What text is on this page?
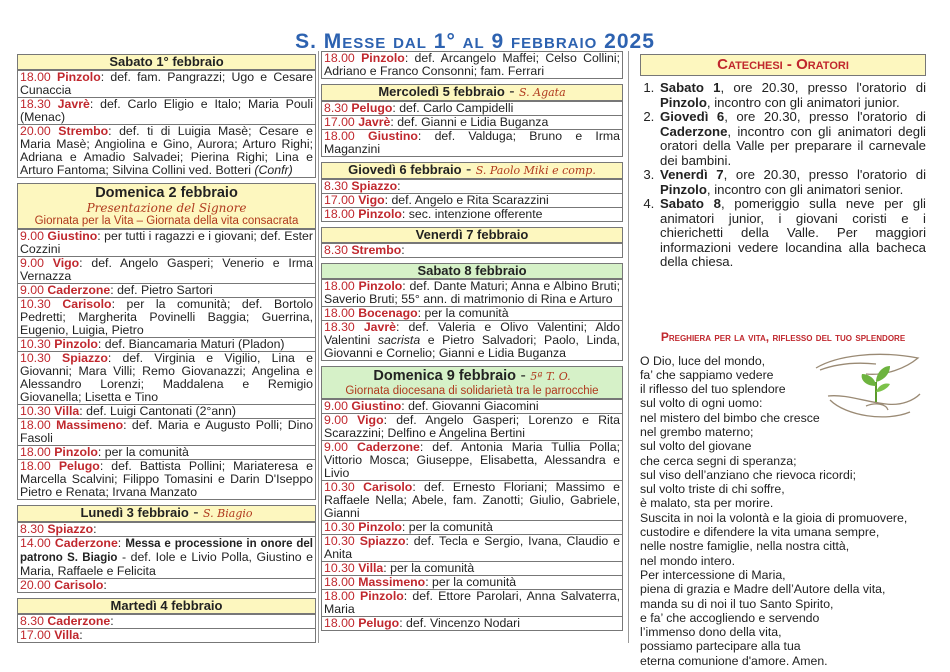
S. Messe dal 1° al 9 febbraio 2025
Sabato 1° febbraio
18.00 Pinzolo: def. fam. Pangrazzi; Ugo e Cesare Cunaccia
18.30 Javrè: def. Carlo Eligio e Italo; Maria Pouli (Menac)
20.00 Strembo: def. ti di Luigia Masè; Cesare e Maria Masè; Angiolina e Gino, Aurora; Arturo Righi; Adriana e Amadio Salvadei; Pierina Righi; Lina e Arturo Fantoma; Silvina Collini ved. Botteri (Confr)
Domenica 2 febbraio
Presentazione del Signore
Giornata per la Vita – Giornata della vita consacrata
9.00 Giustino: per tutti i ragazzi e i giovani; def. Ester Cozzini
9.00 Vigo: def. Angelo Gasperi; Venerio e Irma Vernazza
9.00 Caderzone: def. Pietro Sartori
10.30 Carisolo: per la comunità; def. Bortolo Pedretti; Margherita Povinelli Baggia; Guerrina, Eugenio, Luigia, Pietro
10.30 Pinzolo: def. Biancamaria Maturi (Pladon)
10.30 Spiazzo: def. Virginia e Vigilio, Lina e Giovanni; Mara Villi; Remo Giovanazzi; Angelina e Alessandro Lorenzi; Maddalena e Remigio Giovanella; Lisetta e Tino
10.30 Villa: def. Luigi Cantonati (2°ann)
18.00 Massimeno: def. Maria e Augusto Polli; Dino Fasoli
18.00 Pinzolo: per la comunità
18.00 Pelugo: def. Battista Pollini; Mariateresa e Marcella Scalvini; Filippo Tomasini e Darin D'Iseppo Pietro e Renata; Irvana Manzato
Lunedì 3 febbraio - S. Biagio
8.30 Spiazzo:
14.00 Caderzone: Messa e processione in onore del patrono S. Biagio - def. Iole e Livio Polla, Giustino e Maria, Raffaele e Felicita
20.00 Carisolo:
Martedì 4 febbraio
8.30 Caderzone:
17.00 Villa:
18.00 Pinzolo: def. Arcangelo Maffei; Celso Collini; Adriano e Franco Consonni; fam. Ferrari
Mercoledì 5 febbraio - S. Agata
8.30 Pelugo: def. Carlo Campidelli
17.00 Javrè: def. Gianni e Lidia Buganza
18.00 Giustino: def. Valduga; Bruno e Irma Maganzini
Giovedì 6 febbraio - S. Paolo Miki e comp.
8.30 Spiazzo:
17.00 Vigo: def. Angelo e Rita Scarazzini
18.00 Pinzolo: sec. intenzione offerente
Venerdì 7 febbraio
8.30 Strembo:
Sabato 8 febbraio
18.00 Pinzolo: def. Dante Maturi; Anna e Albino Bruti; Saverio Bruti; 55° ann. di matrimonio di Rina e Arturo
18.00 Bocenago: per la comunità
18.30 Javrè: def. Valeria e Olivo Valentini; Aldo Valentini sacrista e Pietro Salvadori; Paolo, Linda, Giovanni e Cornelio; Gianni e Lidia Buganza
Domenica 9 febbraio - 5ª T. O.
Giornata diocesana di solidarietà tra le parrocchie
9.00 Giustino: def. Giovanni Giacomini
9.00 Vigo: def. Angelo Gasperi; Lorenzo e Rita Scarazzini; Delfino e Angelina Bertini
9.00 Caderzone: def. Antonia Maria Tullia Polla; Vittorio Mosca; Giuseppe, Elisabetta, Alessandra e Livio
10.30 Carisolo: def. Ernesto Floriani; Massimo e Raffaele Nella; Abele, fam. Zanotti; Giulio, Gabriele, Gianni
10.30 Pinzolo: per la comunità
10.30 Spiazzo: def. Tecla e Sergio, Ivana, Claudio e Anita
10.30 Villa: per la comunità
18.00 Massimeno: per la comunità
18.00 Pinzolo: def. Ettore Parolari, Anna Salvaterra, Maria
18.00 Pelugo: def. Vincenzo Nodari
Catechesi - Oratori
1. Sabato 1, ore 20.30, presso l'oratorio di Pinzolo, incontro con gli animatori junior.
2. Giovedì 6, ore 20.30, presso l'oratorio di Caderzone, incontro con gli animatori degli oratori della Valle per preparare il carnevale dei bambini.
3. Venerdì 7, ore 20.30, presso l'oratorio di Pinzolo, incontro con gli animatori senior.
4. Sabato 8, pomeriggio sulla neve per gli animatori junior, i giovani coristi e i chierichetti della Valle. Per maggiori informazioni vedere locandina alla bacheca della chiesa.
Preghiera per la vita, riflesso del tuo splendore
O Dio, luce del mondo,
fa’ che sappiamo vedere
il riflesso del tuo splendore
sul volto di ogni uomo:
nel mistero del bimbo che cresce
nel grembo materno;
sul volto del giovane
che cerca segni di speranza;
sul viso dell’anziano che rievoca ricordi;
sul volto triste di chi soffre,
è malato, sta per morire.
Suscita in noi la volontà e la gioia di promuovere,
custodire e difendere la vita umana sempre,
nelle nostre famiglie, nella nostra città,
nel mondo intero.
Per intercessione di Maria,
piena di grazia e Madre dell’Autore della vita,
manda su di noi il tuo Santo Spirito,
e fa’ che accogliendo e servendo
l’immenso dono della vita,
possiamo partecipare alla tua
eterna comunione d'amore. Amen.
